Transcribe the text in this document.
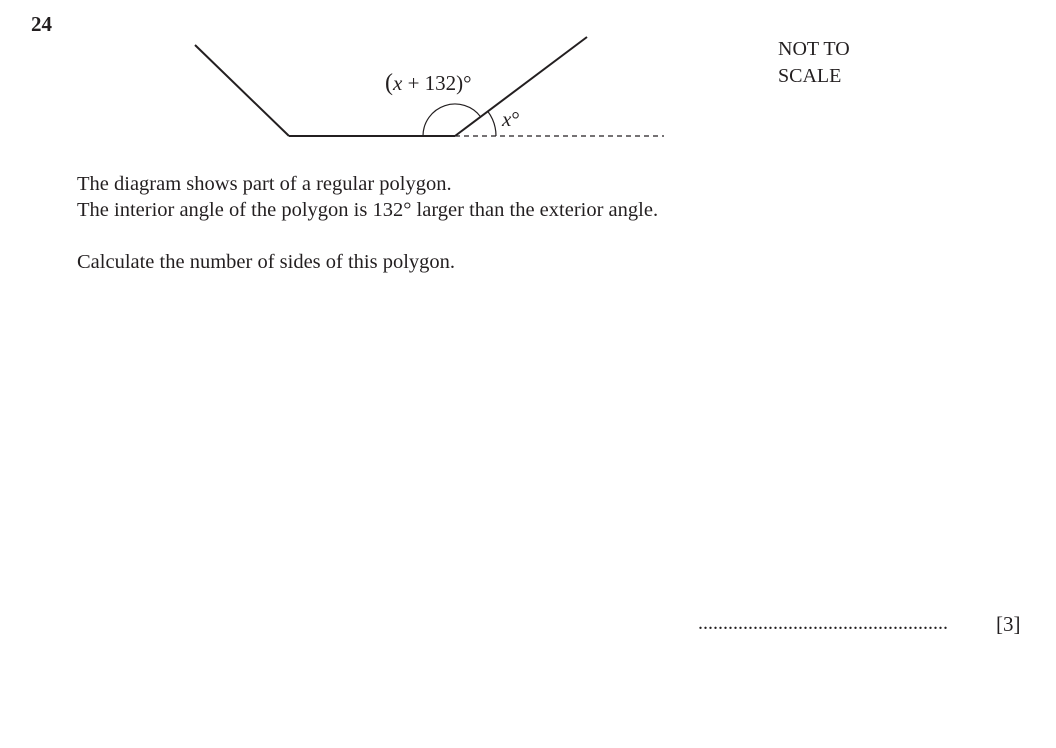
24
(x + 132)°
x°
NOT TO
SCALE

The diagram shows part of a regular polygon.

The interior angle of the polygon is 132° larger than the exterior angle.

Calculate the number of sides of this polygon.

.................................................. [3]
